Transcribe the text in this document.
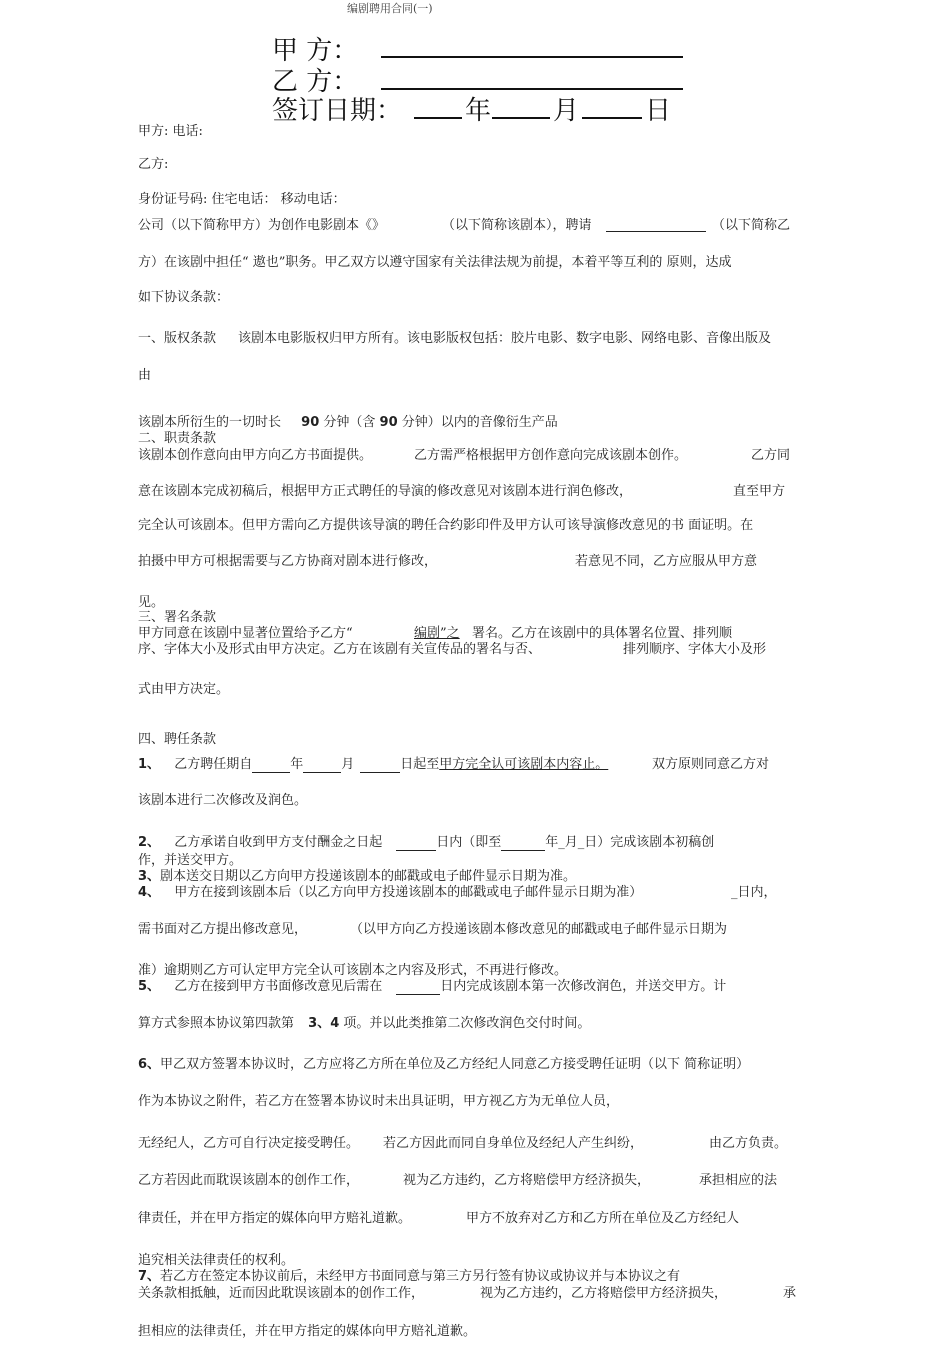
编剧聘用合同(一)
甲 方：
乙 方：
签订日期： 年 月	日
甲方: 电话:
乙方:
身份证号码: 住宅电话： 移动电话：
公司（以下简称甲方）为创作电影剧本《》	（以下简称该剧本），聘请	（以下简称乙
方）在该剧中担任“ 遨也”职务。甲乙双方以遵守国家有关法律法规为前提，本着平等互利的 原则，达成
如下协议条款：
一、版权条款 该剧本电影版权归甲方所有。该电影版权包括：胶片电影、数字电影、网络电影、音像出版及
由
该剧本所衍生的一切时长 90 分钟（含 90 分钟）以内的音像衍生产品
二、职责条款
该剧本创作意向由甲方向乙方书面提供。	乙方需严格根据甲方创作意向完成该剧本创作。	乙方同
意在该剧本完成初稿后，根据甲方正式聘任的导演的修改意见对该剧本进行润色修改，	直至甲方
完全认可该剧本。但甲方需向乙方提供该导演的聘任合约影印件及甲方认可该导演修改意见的书 面证明。在
拍摄中甲方可根据需要与乙方协商对剧本进行修改，	若意见不同，乙方应服从甲方意
见。
三、署名条款
甲方同意在该剧中显著位置给予乙方“	编剧”之 署名。乙方在该剧中的具体署名位置、排列顺
序、字体大小及形式由甲方决定。乙方在该剧有关宣传品的署名与否、	排列顺序、字体大小及形
式由甲方决定。
四、聘任条款
1、 乙方聘任期自	年	月	日起至甲方完全认可该剧本内容止。	双方原则同意乙方对
该剧本进行二次修改及润色。
2、 乙方承诺自收到甲方支付酬金之日起	日内（即至	年_月_日）完成该剧本初稿创
作，并送交甲方。
3、剧本送交日期以乙方向甲方投递该剧本的邮戳或电子邮件显示日期为准。
4、 甲方在接到该剧本后（以乙方向甲方投递该剧本的邮戳或电子邮件显示日期为准）	_日内，
需书面对乙方提出修改意见，	（以甲方向乙方投递该剧本修改意见的邮戳或电子邮件显示日期为
准）逾期则乙方可认定甲方完全认可该剧本之内容及形式，不再进行修改。
5、 乙方在接到甲方书面修改意见后需在	日内完成该剧本第一次修改润色，并送交甲方。计
算方式参照本协议第四款第 3、4 项。并以此类推第二次修改润色交付时间。
6、甲乙双方签署本协议时，乙方应将乙方所在单位及乙方经纪人同意乙方接受聘任证明（以下 简称证明）
作为本协议之附件，若乙方在签署本协议时未出具证明，甲方视乙方为无单位人员，
无经纪人，乙方可自行决定接受聘任。 若乙方因此而同自身单位及经纪人产生纠纷，	由乙方负责。
乙方若因此而耽误该剧本的创作工作，	视为乙方违约，乙方将赔偿甲方经济损失，	承担相应的法
律责任，并在甲方指定的媒体向甲方赔礼道歉。	甲方不放弃对乙方和乙方所在单位及乙方经纪人
追究相关法律责任的权利。
7、若乙方在签定本协议前后，未经甲方书面同意与第三方另行签有协议或协议并与本协议之有
关条款相抵触，近而因此耽误该剧本的创作工作，	视为乙方违约，乙方将赔偿甲方经济损失，	承
担相应的法律责任，并在甲方指定的媒体向甲方赔礼道歉。
